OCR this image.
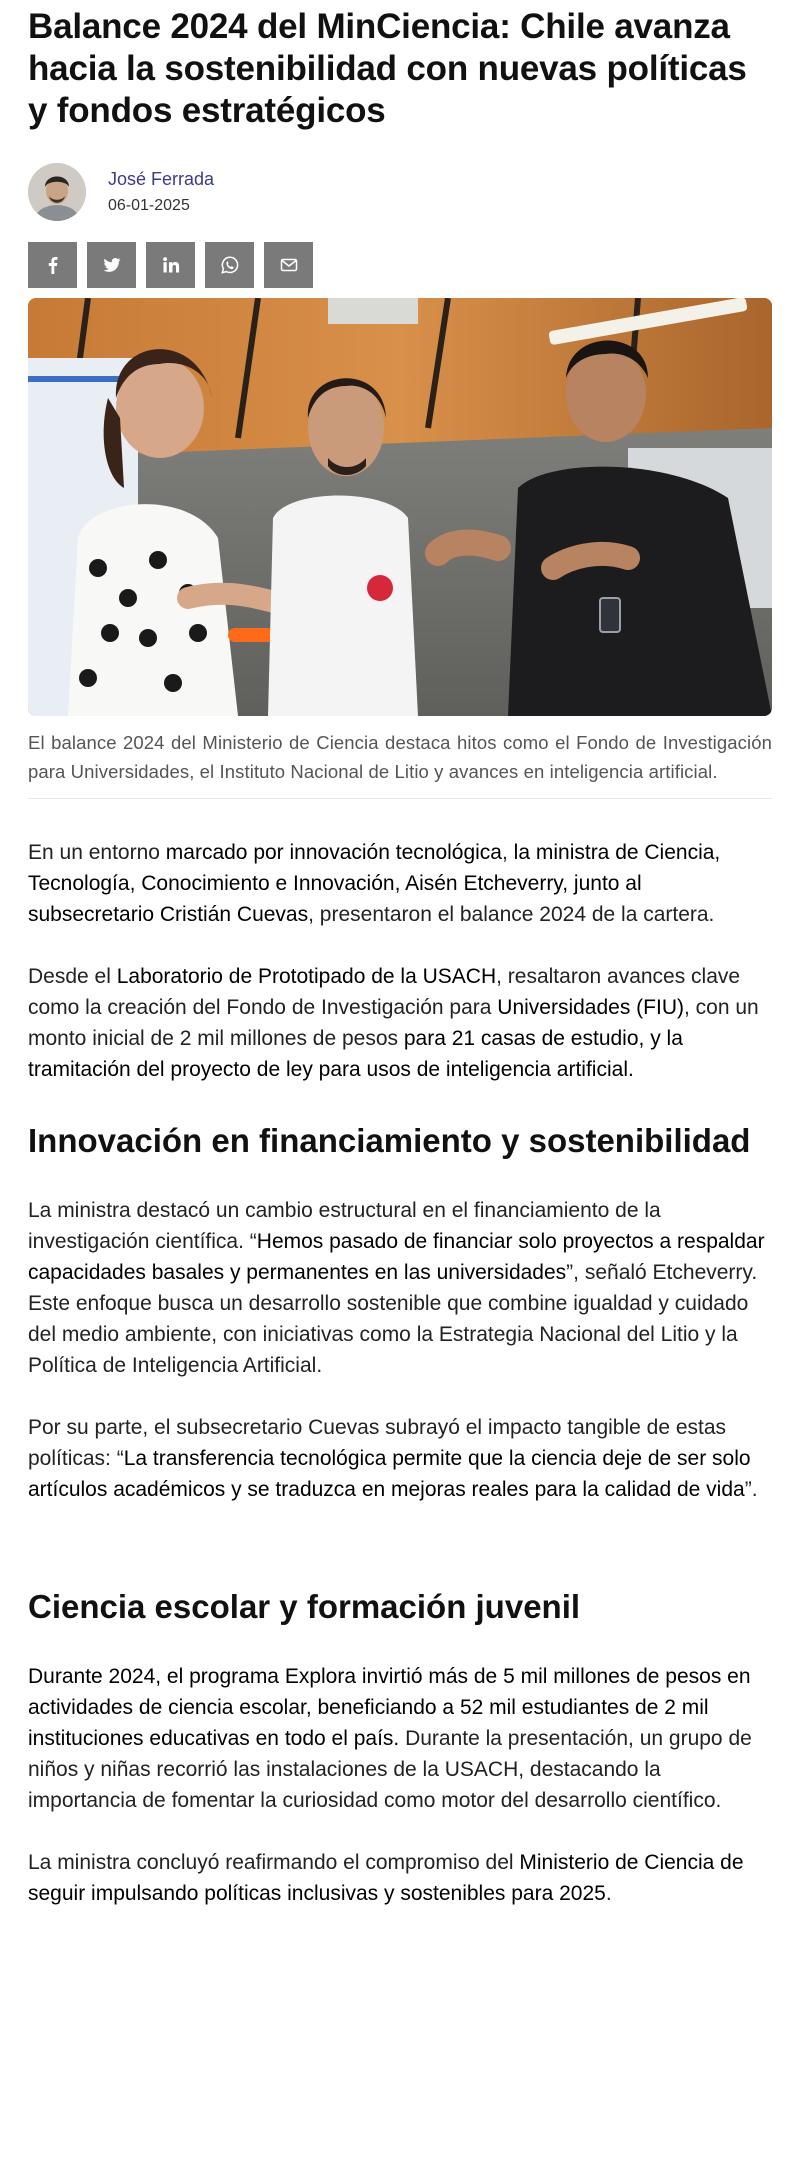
Balance 2024 del MinCiencia: Chile avanza hacia la sostenibilidad con nuevas políticas y fondos estratégicos
José Ferrada
06-01-2025

El balance 2024 del Ministerio de Ciencia destaca hitos como el Fondo de Investigación para Universidades, el Instituto Nacional de Litio y avances en inteligencia artificial.

En un entorno marcado por innovación tecnológica, la ministra de Ciencia, Tecnología, Conocimiento e Innovación, Aisén Etcheverry, junto al subsecretario Cristián Cuevas, presentaron el balance 2024 de la cartera.

Desde el Laboratorio de Prototipado de la USACH, resaltaron avances clave como la creación del Fondo de Investigación para Universidades (FIU), con un monto inicial de 2 mil millones de pesos para 21 casas de estudio, y la tramitación del proyecto de ley para usos de inteligencia artificial.

Innovación en financiamiento y sostenibilidad

La ministra destacó un cambio estructural en el financiamiento de la investigación científica. “Hemos pasado de financiar solo proyectos a respaldar capacidades basales y permanentes en las universidades”, señaló Etcheverry. Este enfoque busca un desarrollo sostenible que combine igualdad y cuidado del medio ambiente, con iniciativas como la Estrategia Nacional del Litio y la Política de Inteligencia Artificial.

Por su parte, el subsecretario Cuevas subrayó el impacto tangible de estas políticas: “La transferencia tecnológica permite que la ciencia deje de ser solo artículos académicos y se traduzca en mejoras reales para la calidad de vida”.

Ciencia escolar y formación juvenil

Durante 2024, el programa Explora invirtió más de 5 mil millones de pesos en actividades de ciencia escolar, beneficiando a 52 mil estudiantes de 2 mil instituciones educativas en todo el país. Durante la presentación, un grupo de niños y niñas recorrió las instalaciones de la USACH, destacando la importancia de fomentar la curiosidad como motor del desarrollo científico.

La ministra concluyó reafirmando el compromiso del Ministerio de Ciencia de seguir impulsando políticas inclusivas y sostenibles para 2025.
